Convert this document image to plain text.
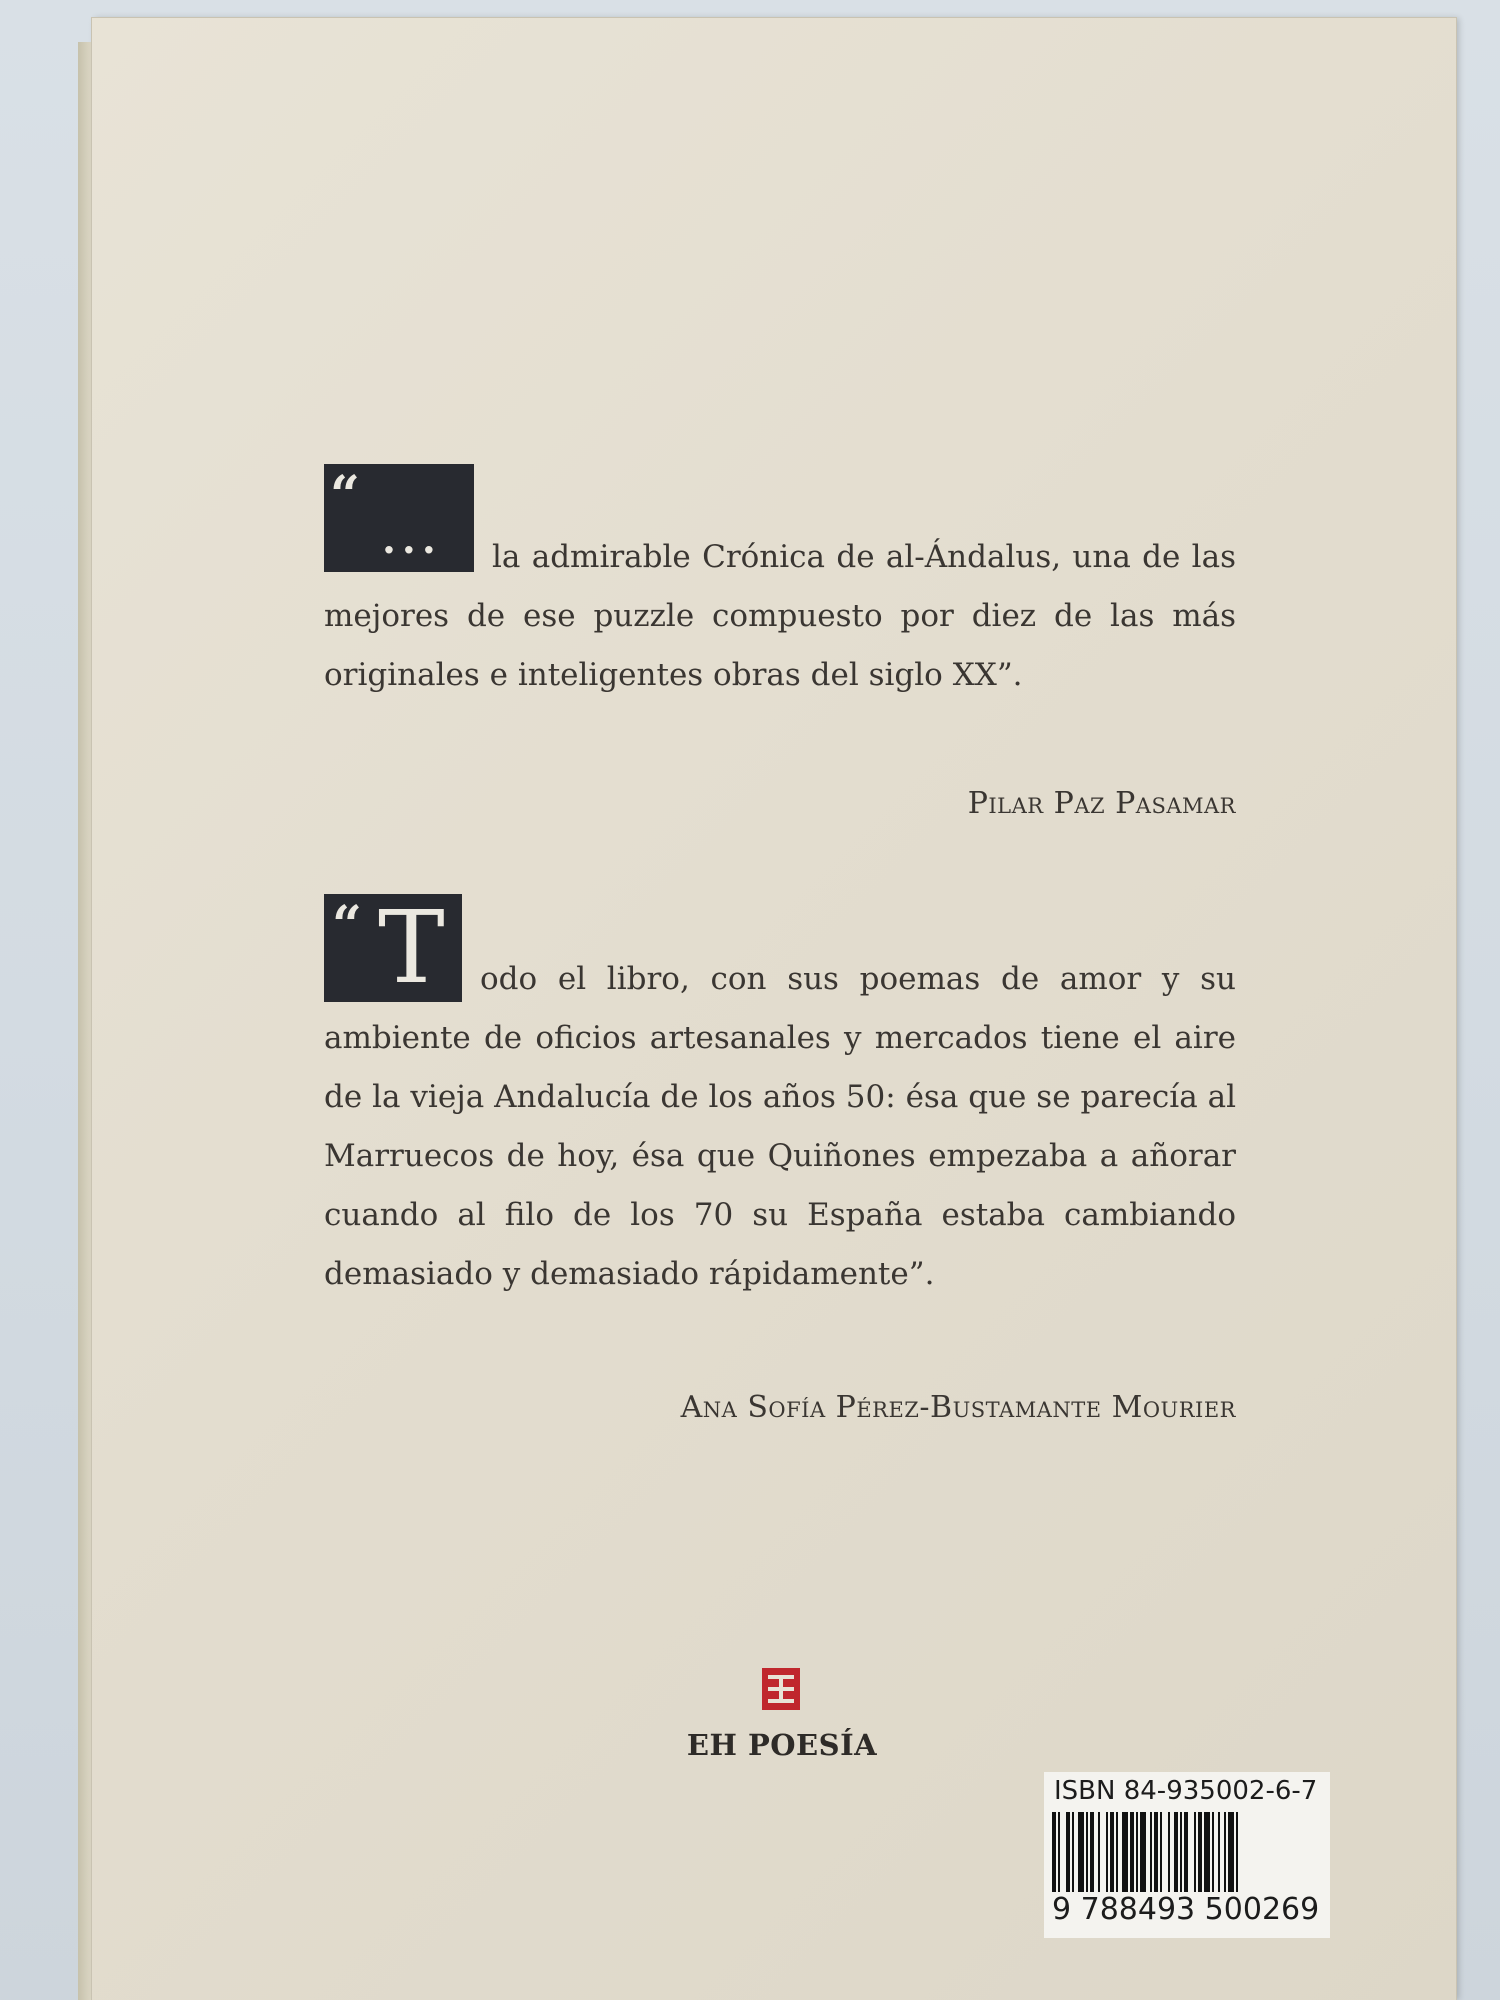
“
...	la admirable Crónica de al-Ándalus, una de las mejores de ese puzzle compuesto por diez de las más originales e inteligentes obras del siglo XX”.
Pilar Paz Pasamar
“ T	odo el libro, con sus poemas de amor y su ambiente de oficios artesanales y mercados tiene el aire de la vieja Andalucía de los años 50: ésa que se parecía al Marruecos de hoy, ésa que Quiñones empezaba a añorar cuando al filo de los 70 su España estaba cambiando demasiado y demasiado rápidamente”.
Ana Sofía Pérez-Bustamante Mourier
EH POESÍA
ISBN 84-935002-6-7
9 788493 500269
